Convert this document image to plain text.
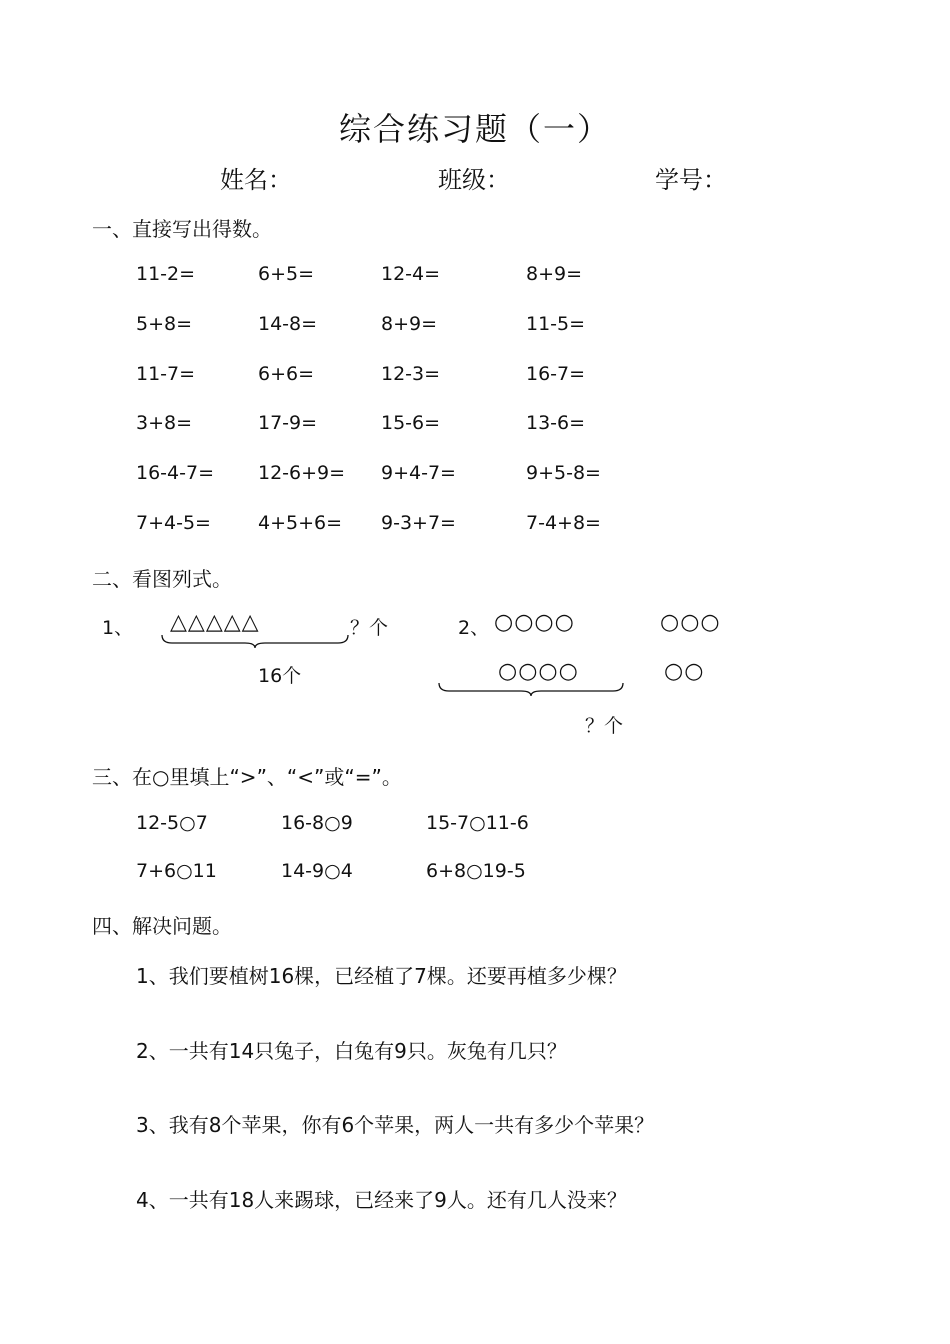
综合练习题（一）
姓名：	班级：	学号：
一、直接写出得数。
11-2=	6+5=	12-4=	8+9=
5+8=	14-8=	8+9=	11-5=
11-7=	6+6=	12-3=	16-7=
3+8=	17-9=	15-6=	13-6=
16-4-7= 12-6+9= 9+4-7=	9+5-8=
7+4-5= 4+5+6= 9-3+7=	7-4+8=
二、看图列式。
1、 △△△△△	？个
16个
2、 ○○○○	○○○
○○○○	○○
？个
三、在○里填上“>”、“<”或“=”。
12-5○7	16-8○9	15-7○11-6
7+6○11	14-9○4	6+8○19-5
四、解决问题。
1、我们要植树16棵，已经植了7棵。还要再植多少棵？
2、一共有14只兔子，白兔有9只。灰兔有几只？
3、我有8个苹果，你有6个苹果，两人一共有多少个苹果？
4、一共有18人来踢球，已经来了9人。还有几人没来？
